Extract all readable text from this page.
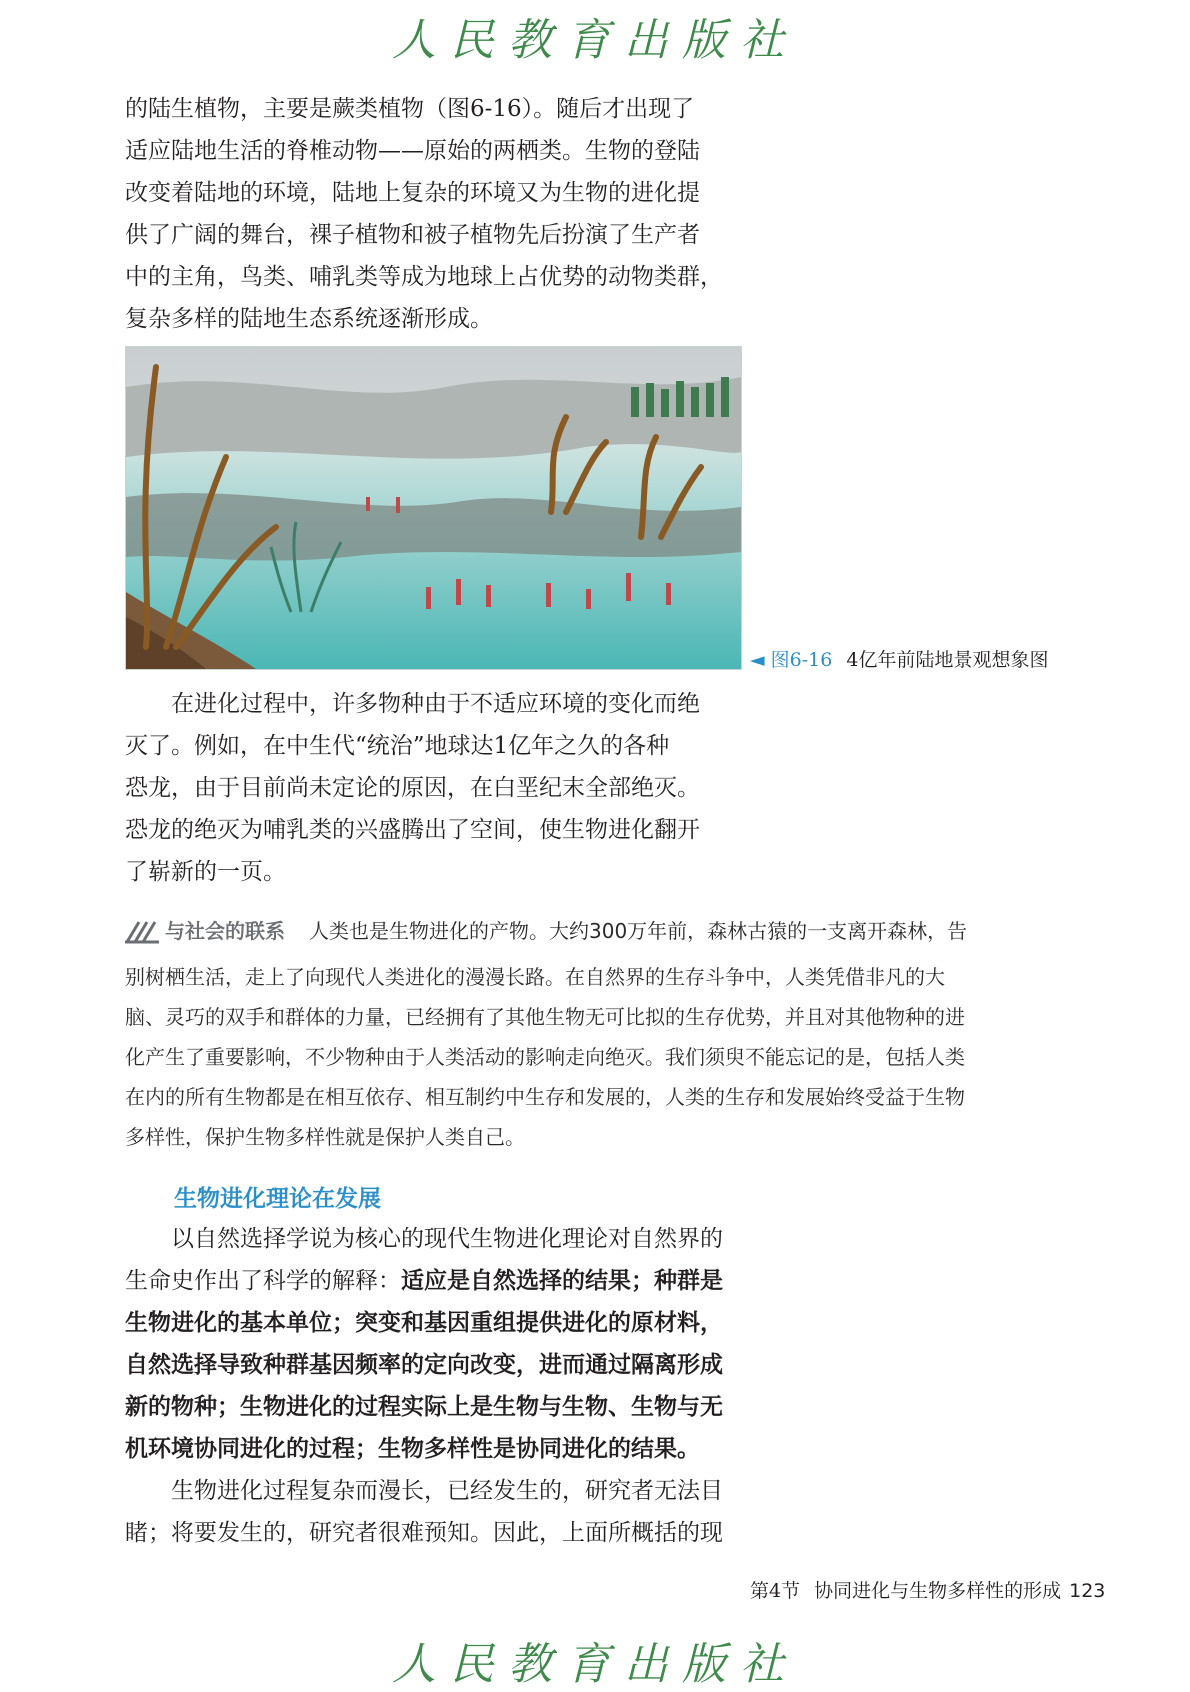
人民教育出版社

的陆生植物，主要是蕨类植物（图6-16）。随后才出现了
适应陆地生活的脊椎动物——原始的两栖类。生物的登陆
改变着陆地的环境，陆地上复杂的环境又为生物的进化提
供了广阔的舞台，裸子植物和被子植物先后扮演了生产者
中的主角，鸟类、哺乳类等成为地球上占优势的动物类群，
复杂多样的陆地生态系统逐渐形成。

◄ 图6-16 4亿年前陆地景观想象图

在进化过程中，许多物种由于不适应环境的变化而绝
灭了。例如，在中生代“统治”地球达1亿年之久的各种
恐龙，由于目前尚未定论的原因，在白垩纪末全部绝灭。
恐龙的绝灭为哺乳类的兴盛腾出了空间，使生物进化翻开
了崭新的一页。

与社会的联系 人类也是生物进化的产物。大约300万年前，森林古猿的一支离开森林，告
别树栖生活，走上了向现代人类进化的漫漫长路。在自然界的生存斗争中，人类凭借非凡的大
脑、灵巧的双手和群体的力量，已经拥有了其他生物无可比拟的生存优势，并且对其他物种的进
化产生了重要影响，不少物种由于人类活动的影响走向绝灭。我们须臾不能忘记的是，包括人类
在内的所有生物都是在相互依存、相互制约中生存和发展的，人类的生存和发展始终受益于生物
多样性，保护生物多样性就是保护人类自己。

生物进化理论在发展

以自然选择学说为核心的现代生物进化理论对自然界的
生命史作出了科学的解释：适应是自然选择的结果；种群是
生物进化的基本单位；突变和基因重组提供进化的原材料，
自然选择导致种群基因频率的定向改变，进而通过隔离形成
新的物种；生物进化的过程实际上是生物与生物、生物与无
机环境协同进化的过程；生物多样性是协同进化的结果。

生物进化过程复杂而漫长，已经发生的，研究者无法目
睹；将要发生的，研究者很难预知。因此，上面所概括的现

第4节 协同进化与生物多样性的形成 123
人民教育出版社
